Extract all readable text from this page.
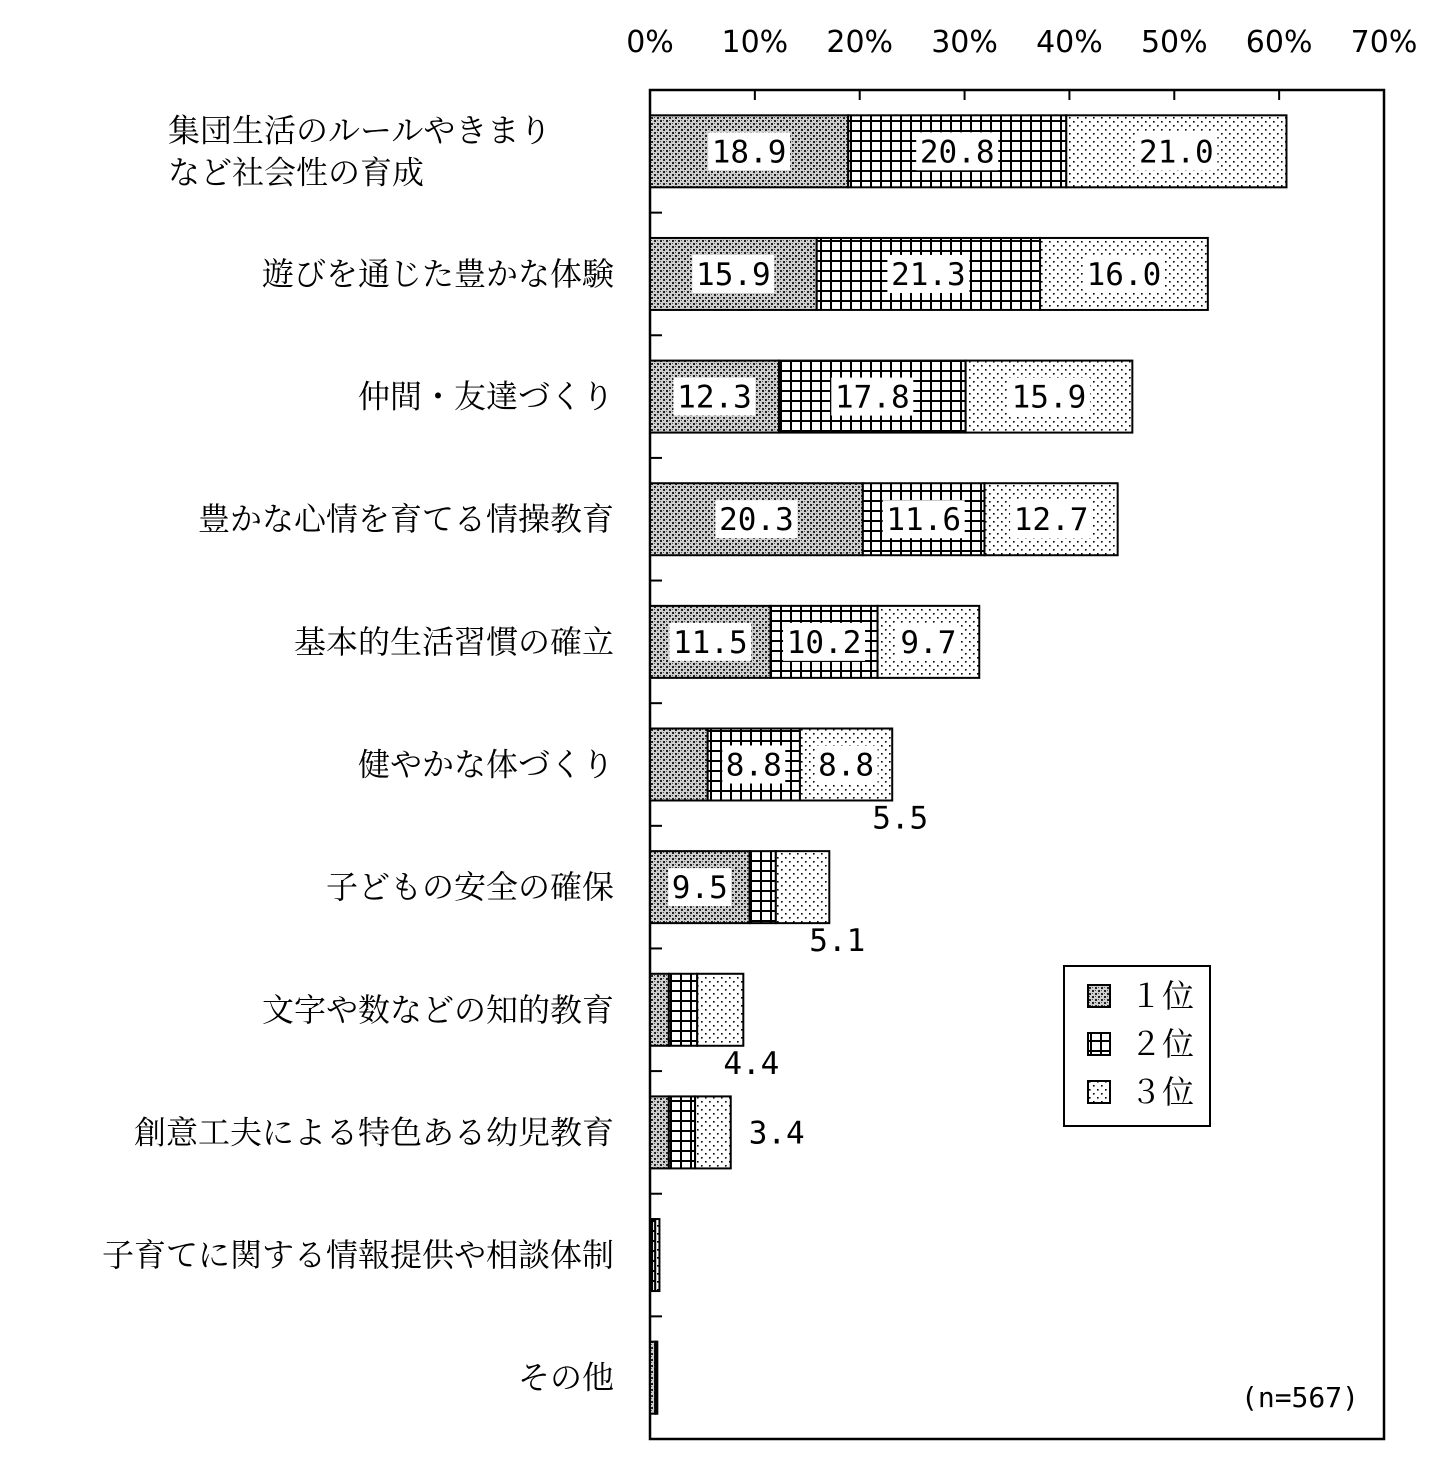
0% 10% 20% 30% 40% 50% 60% 70%
集団生活のルールやきまり
など社会性の育成
遊びを通じた豊かな体験
仲間・友達づくり
豊かな心情を育てる情操教育
基本的生活習慣の確立
健やかな体づくり
子どもの安全の確保
文字や数などの知的教育
創意工夫による特色ある幼児教育
子育てに関する情報提供や相談体制
その他
18.9	20.8	21.0
15.9	21.3	16.0
12.3	17.8	15.9
20.3	11.6 12.7
11.5 10.2 9.7
5.5
8.8 8.8
9.5
5.1
4.4
3.4
１位
２位
３位
(n=567)
